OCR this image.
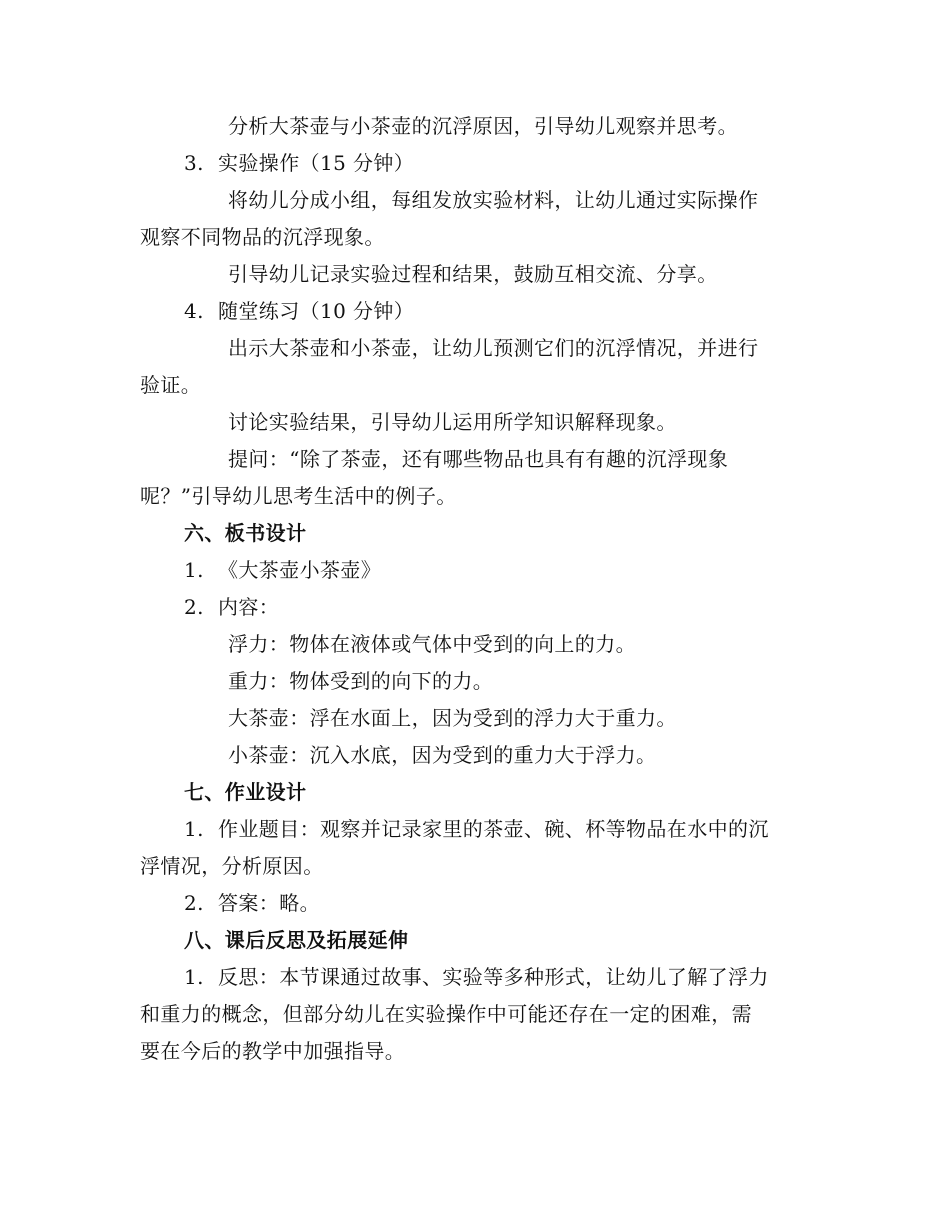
分析大茶壶与小茶壶的沉浮原因，引导幼儿观察并思考。
3. 实验操作（15 分钟）
将幼儿分成小组，每组发放实验材料，让幼儿通过实际操作
观察不同物品的沉浮现象。
引导幼儿记录实验过程和结果，鼓励互相交流、分享。
4. 随堂练习（10 分钟）
出示大茶壶和小茶壶，让幼儿预测它们的沉浮情况，并进行
验证。
讨论实验结果，引导幼儿运用所学知识解释现象。
提问：“除了茶壶，还有哪些物品也具有有趣的沉浮现象
呢？”引导幼儿思考生活中的例子。
六、板书设计
1. 《大茶壶小茶壶》
2. 内容：
浮力：物体在液体或气体中受到的向上的力。
重力：物体受到的向下的力。
大茶壶：浮在水面上，因为受到的浮力大于重力。
小茶壶：沉入水底，因为受到的重力大于浮力。
七、作业设计
1. 作业题目：观察并记录家里的茶壶、碗、杯等物品在水中的沉
浮情况，分析原因。
2. 答案：略。
八、课后反思及拓展延伸
1. 反思：本节课通过故事、实验等多种形式，让幼儿了解了浮力
和重力的概念，但部分幼儿在实验操作中可能还存在一定的困难，需
要在今后的教学中加强指导。
